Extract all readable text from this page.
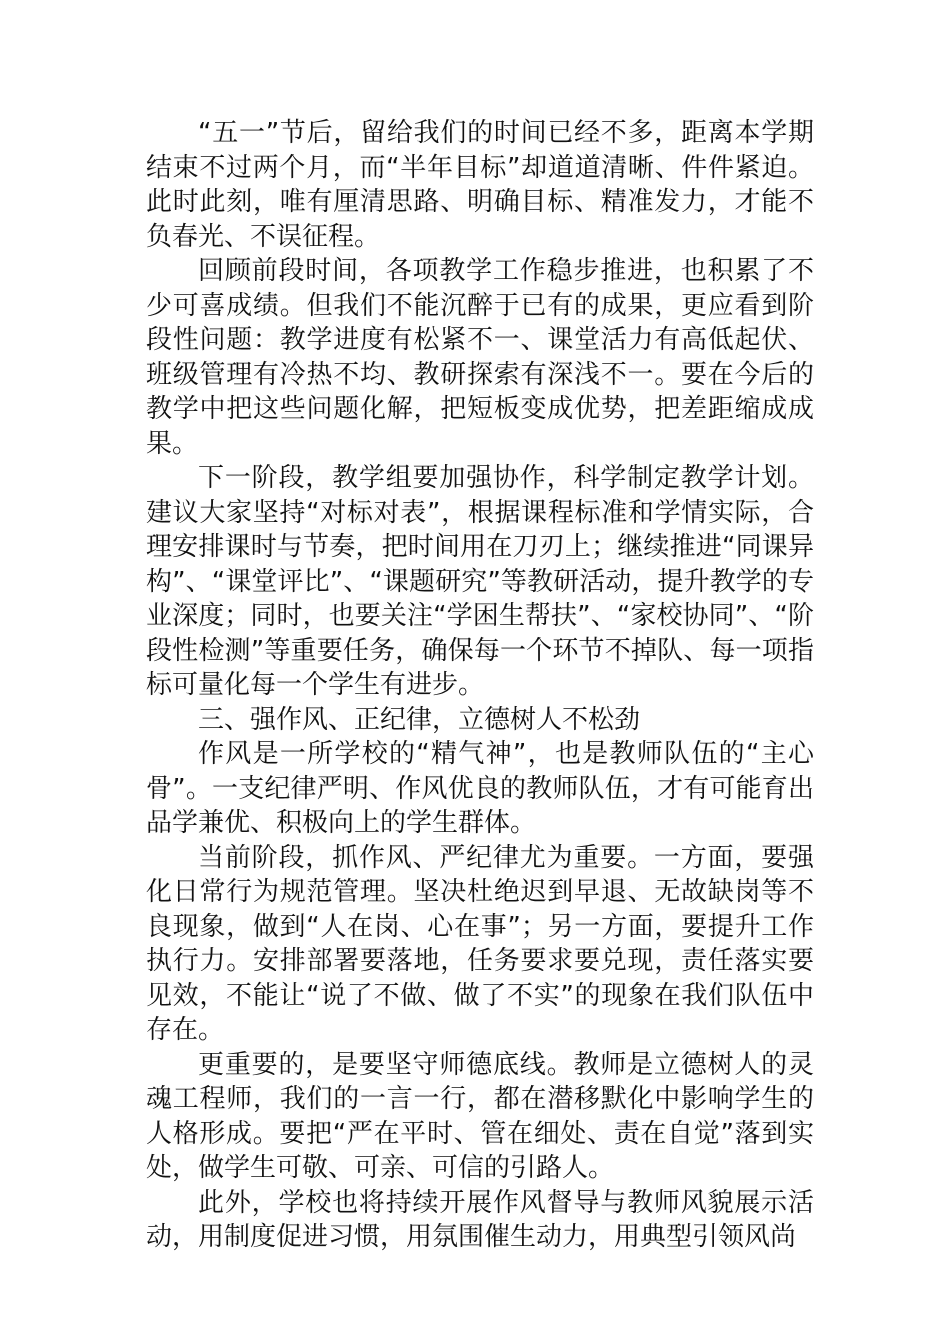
“五一”节后，留给我们的时间已经不多，距离本学期结束不过两个月，而“半年目标”却道道清晰、件件紧迫。此时此刻，唯有厘清思路、明确目标、精准发力，才能不负春光、不误征程。

回顾前段时间，各项教学工作稳步推进，也积累了不少可喜成绩。但我们不能沉醉于已有的成果，更应看到阶段性问题：教学进度有松紧不一、课堂活力有高低起伏、班级管理有冷热不均、教研探索有深浅不一。要在今后的教学中把这些问题化解，把短板变成优势，把差距缩成成果。

下一阶段，教学组要加强协作，科学制定教学计划。建议大家坚持“对标对表”，根据课程标准和学情实际，合理安排课时与节奏，把时间用在刀刃上；继续推进“同课异构”、“课堂评比”、“课题研究”等教研活动，提升教学的专业深度；同时，也要关注“学困生帮扶”、“家校协同”、“阶段性检测”等重要任务，确保每一个环节不掉队、每一项指标可量化每一个学生有进步。

三、强作风、正纪律，立德树人不松劲

作风是一所学校的“精气神”，也是教师队伍的“主心骨”。一支纪律严明、作风优良的教师队伍，才有可能育出品学兼优、积极向上的学生群体。

当前阶段，抓作风、严纪律尤为重要。一方面，要强化日常行为规范管理。坚决杜绝迟到早退、无故缺岗等不良现象，做到“人在岗、心在事”；另一方面，要提升工作执行力。安排部署要落地，任务要求要兑现，责任落实要见效，不能让“说了不做、做了不实”的现象在我们队伍中存在。

更重要的，是要坚守师德底线。教师是立德树人的灵魂工程师，我们的一言一行，都在潜移默化中影响学生的人格形成。要把“严在平时、管在细处、责在自觉”落到实处，做学生可敬、可亲、可信的引路人。

此外，学校也将持续开展作风督导与教师风貌展示活动，用制度促进习惯，用氛围催生动力，用典型引领风尚
